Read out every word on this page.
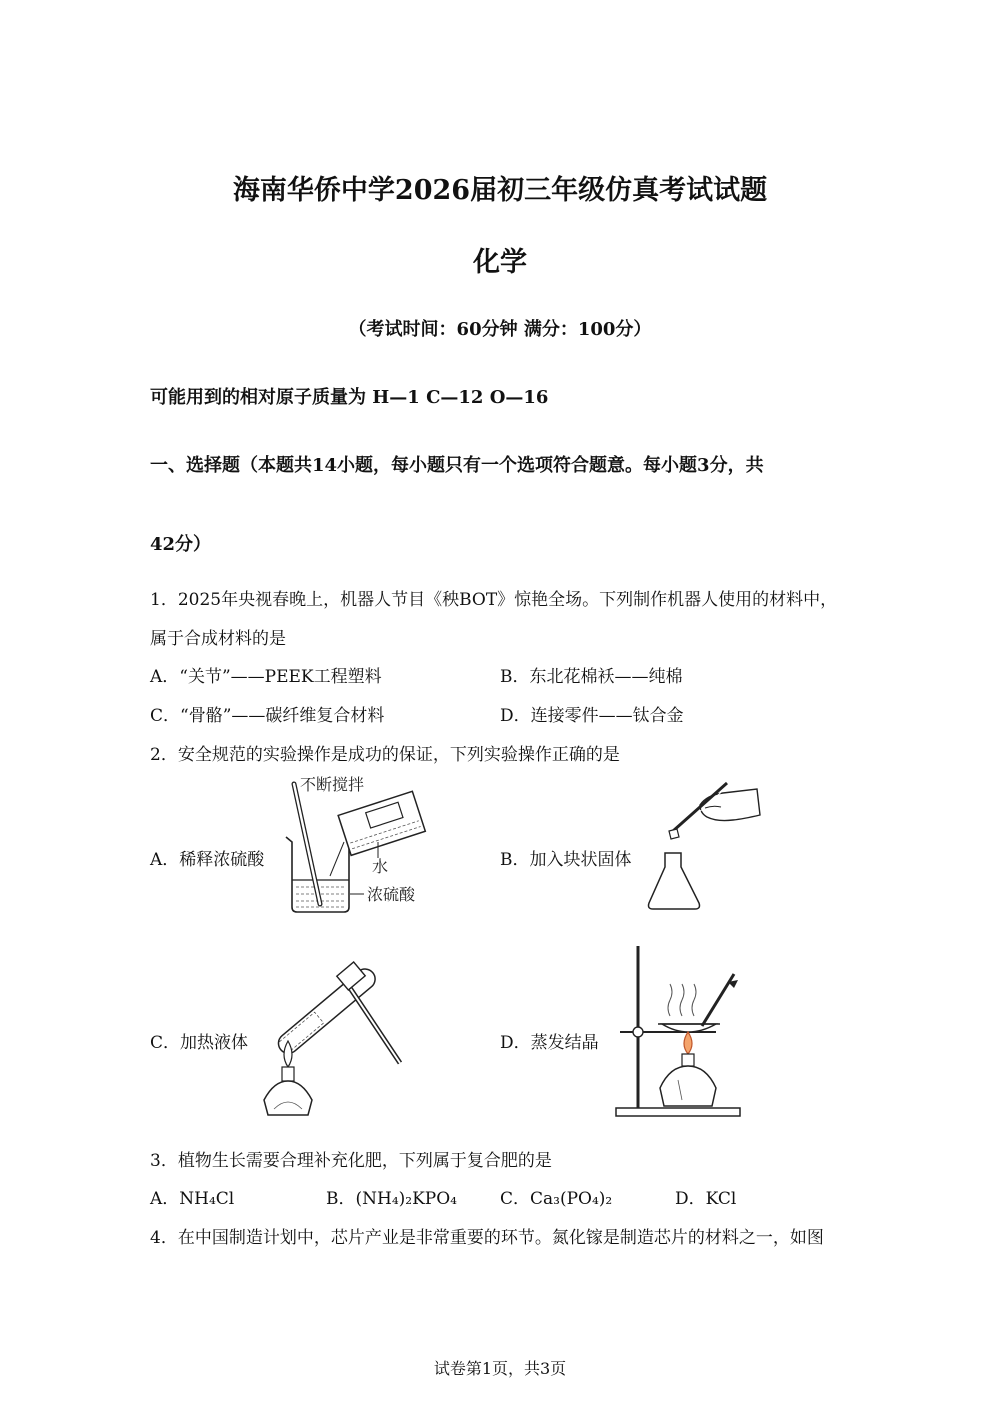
海南华侨中学2026届初三年级仿真考试试题
化学
（考试时间：60分钟 满分：100分）
可能用到的相对原子质量为 H—1 C—12 O—16
一、选择题（本题共14小题，每小题只有一个选项符合题意。每小题3分，共
42分）
1．2025年央视春晚上，机器人节目《秧BOT》惊艳全场。下列制作机器人使用的材料中，
属于合成材料的是
A．“关节”——PEEK工程塑料	B．东北花棉袄——纯棉
C．“骨骼”——碳纤维复合材料	D．连接零件——钛合金
2．安全规范的实验操作是成功的保证，下列实验操作正确的是
A．稀释浓硫酸	B．加入块状固体
C．加热液体	D．蒸发结晶
不断搅拌
水
浓硫酸
3．植物生长需要合理补充化肥，下列属于复合肥的是
A．NH₄Cl	B．(NH₄)₂KPO₄	C．Ca₃(PO₄)₂	D．KCl
4．在中国制造计划中，芯片产业是非常重要的环节。氮化镓是制造芯片的材料之一，如图
试卷第1页，共3页
